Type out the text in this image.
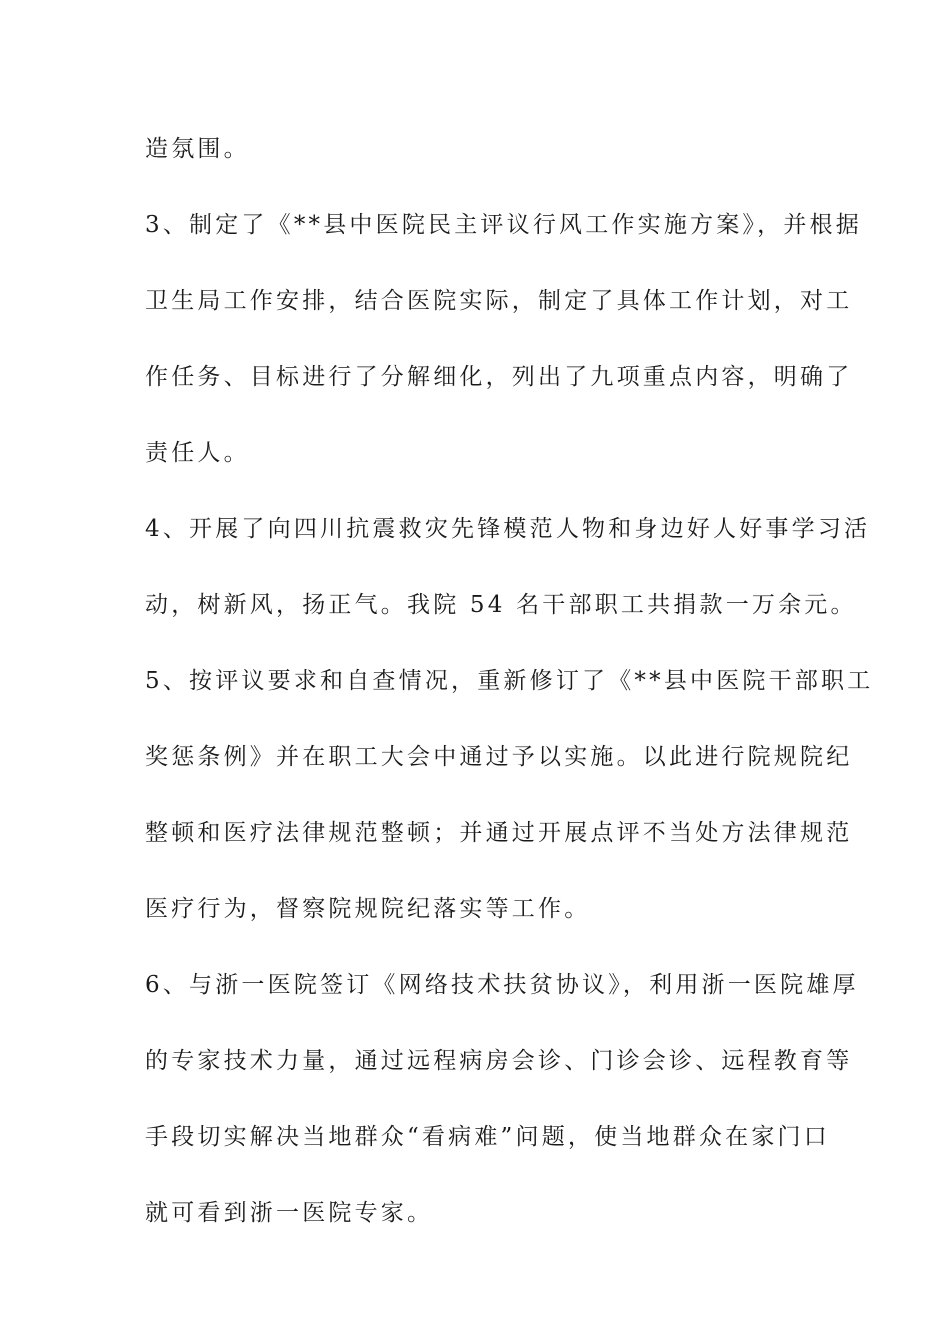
造氛围。
3、制定了《**县中医院民主评议行风工作实施方案》，并根据
卫生局工作安排，结合医院实际，制定了具体工作计划，对工
作任务、目标进行了分解细化，列出了九项重点内容，明确了
责任人。
4、开展了向四川抗震救灾先锋模范人物和身边好人好事学习活
动，树新风，扬正气。我院 54 名干部职工共捐款一万余元。
5、按评议要求和自查情况，重新修订了《**县中医院干部职工
奖惩条例》并在职工大会中通过予以实施。以此进行院规院纪
整顿和医疗法律规范整顿；并通过开展点评不当处方法律规范
医疗行为，督察院规院纪落实等工作。
6、与浙一医院签订《网络技术扶贫协议》，利用浙一医院雄厚
的专家技术力量，通过远程病房会诊、门诊会诊、远程教育等
手段切实解决当地群众“看病难”问题，使当地群众在家门口
就可看到浙一医院专家。
